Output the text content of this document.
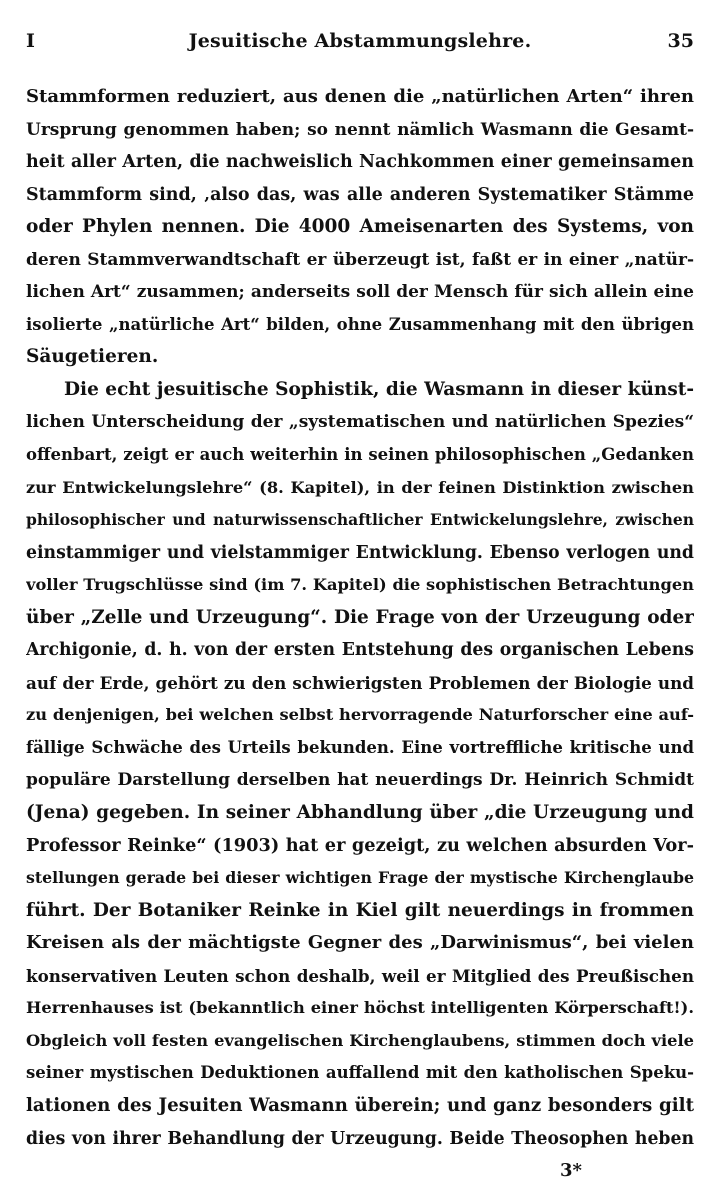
I	Jesuitische Abstammungslehre.	35
Stammformen reduziert, aus denen die „natürlichen Arten“ ihren
Ursprung genommen haben; so nennt nämlich Wasmann die Gesamt-
heit aller Arten, die nachweislich Nachkommen einer gemeinsamen
Stammform sind, ‚also das, was alle anderen Systematiker Stämme
oder Phylen nennen. Die 4000 Ameisenarten des Systems, von
deren Stammverwandtschaft er überzeugt ist, faßt er in einer „natür-
lichen Art“ zusammen; anderseits soll der Mensch für sich allein eine
isolierte „natürliche Art“ bilden, ohne Zusammenhang mit den übrigen
Säugetieren.
Die echt jesuitische Sophistik, die Wasmann in dieser künst-
lichen Unterscheidung der „systematischen und natürlichen Spezies“
offenbart, zeigt er auch weiterhin in seinen philosophischen „Gedanken
zur Entwickelungslehre“ (8. Kapitel), in der feinen Distinktion zwischen
philosophischer und naturwissenschaftlicher Entwickelungslehre, zwischen
einstammiger und vielstammiger Entwicklung. Ebenso verlogen und
voller Trugschlüsse sind (im 7. Kapitel) die sophistischen Betrachtungen
über „Zelle und Urzeugung“. Die Frage von der Urzeugung oder
Archigonie, d. h. von der ersten Entstehung des organischen Lebens
auf der Erde, gehört zu den schwierigsten Problemen der Biologie und
zu denjenigen, bei welchen selbst hervorragende Naturforscher eine auf-
fällige Schwäche des Urteils bekunden. Eine vortreffliche kritische und
populäre Darstellung derselben hat neuerdings Dr. Heinrich Schmidt
(Jena) gegeben. In seiner Abhandlung über „die Urzeugung und
Professor Reinke“ (1903) hat er gezeigt, zu welchen absurden Vor-
stellungen gerade bei dieser wichtigen Frage der mystische Kirchenglaube
führt. Der Botaniker Reinke in Kiel gilt neuerdings in frommen
Kreisen als der mächtigste Gegner des „Darwinismus“, bei vielen
konservativen Leuten schon deshalb, weil er Mitglied des Preußischen
Herrenhauses ist (bekanntlich einer höchst intelligenten Körperschaft!).
Obgleich voll festen evangelischen Kirchenglaubens, stimmen doch viele
seiner mystischen Deduktionen auffallend mit den katholischen Speku-
lationen des Jesuiten Wasmann überein; und ganz besonders gilt
dies von ihrer Behandlung der Urzeugung. Beide Theosophen heben
3*
